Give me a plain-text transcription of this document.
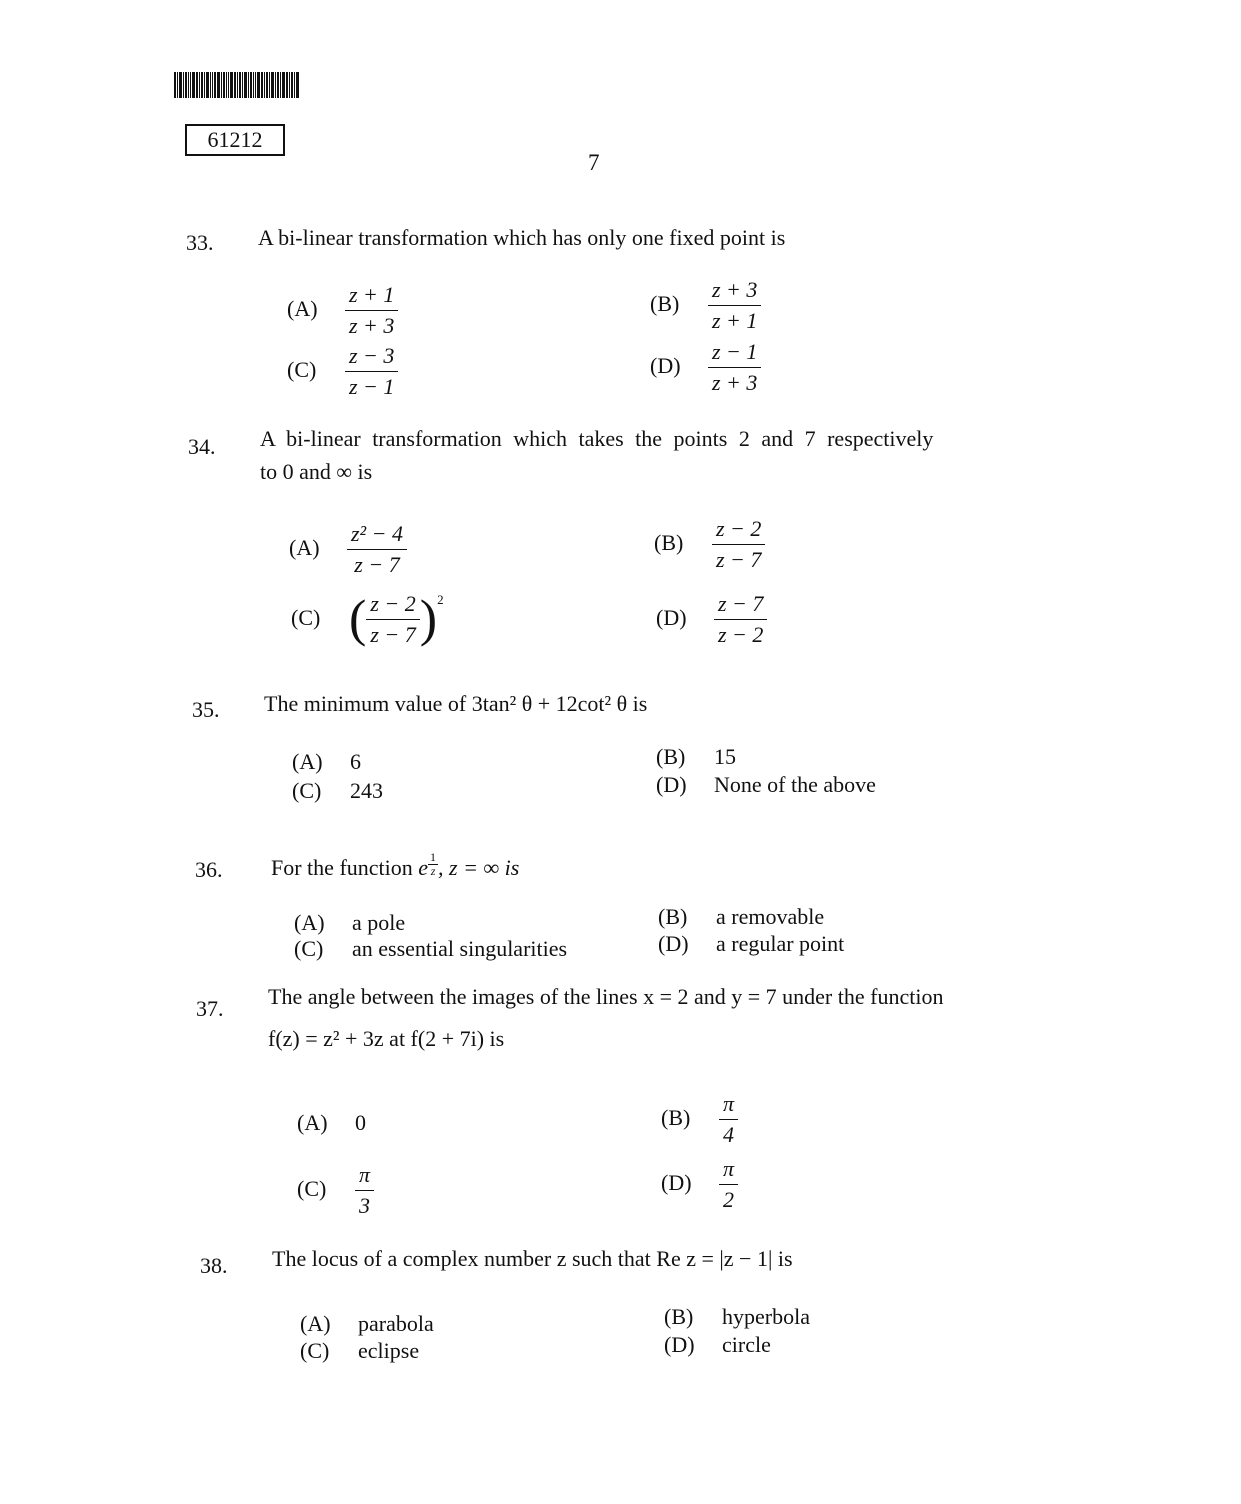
61212
7
33. A bi-linear transformation which has only one fixed point is
$(A) \frac{z + 1}{z + 3}$	$(B) \frac{z + 3}{z + 1}$
$(C) \frac{z - 3}{z - 1}$	$(D) \frac{z - 1}{z + 3}$
34. A bi-linear transformation which takes the points 2 and 7 respectively
to 0 and ∞ is
$(A) \frac{\text{z² − 4}}{z - 7}$	$(B) \frac{z - 2}{z - 7}$
(C) ( $\frac{z - 2}{z - 7} )^2$
$(D) \frac{z - 7}{z - 2}$
35. The minimum value of 3tan² θ + 12cot² θ is
(A) 6	(B) 15
(C) 243	(D) None of the above
36. For the function e $\frac{1}{z}$ , z = ∞ is
(A) a pole	(B) a removable
(C) an essential singularities	(D) a regular point
37. The angle between the images of the lines x = 2 and y = 7 under the function
f(z) = z² + 3z at f(2 + 7i) is
(A) 0	$(B) \frac{\pi}{4}$
$(C) \frac{\pi}{3}$	$(D) \frac{\pi}{2}$
38. The locus of a complex number z such that Re z = |z − 1| is
(A) parabola	(B) hyperbola
(C) eclipse	(D) circle
